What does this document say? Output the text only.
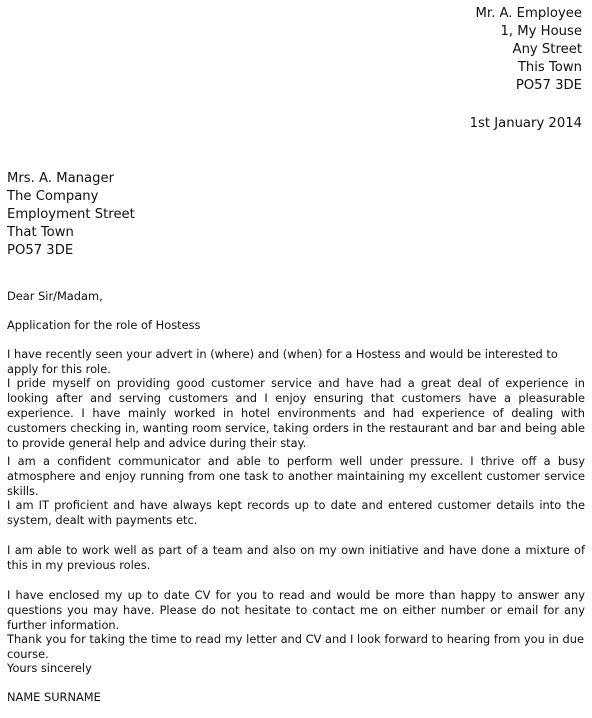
Mr. A. Employee
1, My House
Any Street
This Town
PO57 3DE
1st January 2014
Mrs. A. Manager
The Company
Employment Street
That Town
PO57 3DE

Dear Sir/Madam,

Application for the role of Hostess

I have recently seen your advert in (where) and (when) for a Hostess and would be interested to apply for this role.

I pride myself on providing good customer service and have had a great deal of experience in looking after and serving customers and I enjoy ensuring that customers have a pleasurable experience. I have mainly worked in hotel environments and had experience of dealing with customers checking in, wanting room service, taking orders in the restaurant and bar and being able to provide general help and advice during their stay.

I am a confident communicator and able to perform well under pressure. I thrive off a busy atmosphere and enjoy running from one task to another maintaining my excellent customer service skills.

I am IT proficient and have always kept records up to date and entered customer details into the system, dealt with payments etc.

I am able to work well as part of a team and also on my own initiative and have done a mixture of this in my previous roles.

I have enclosed my up to date CV for you to read and would be more than happy to answer any questions you may have. Please do not hesitate to contact me on either number or email for any further information.

Thank you for taking the time to read my letter and CV and I look forward to hearing from you in due course.

Yours sincerely

NAME SURNAME
